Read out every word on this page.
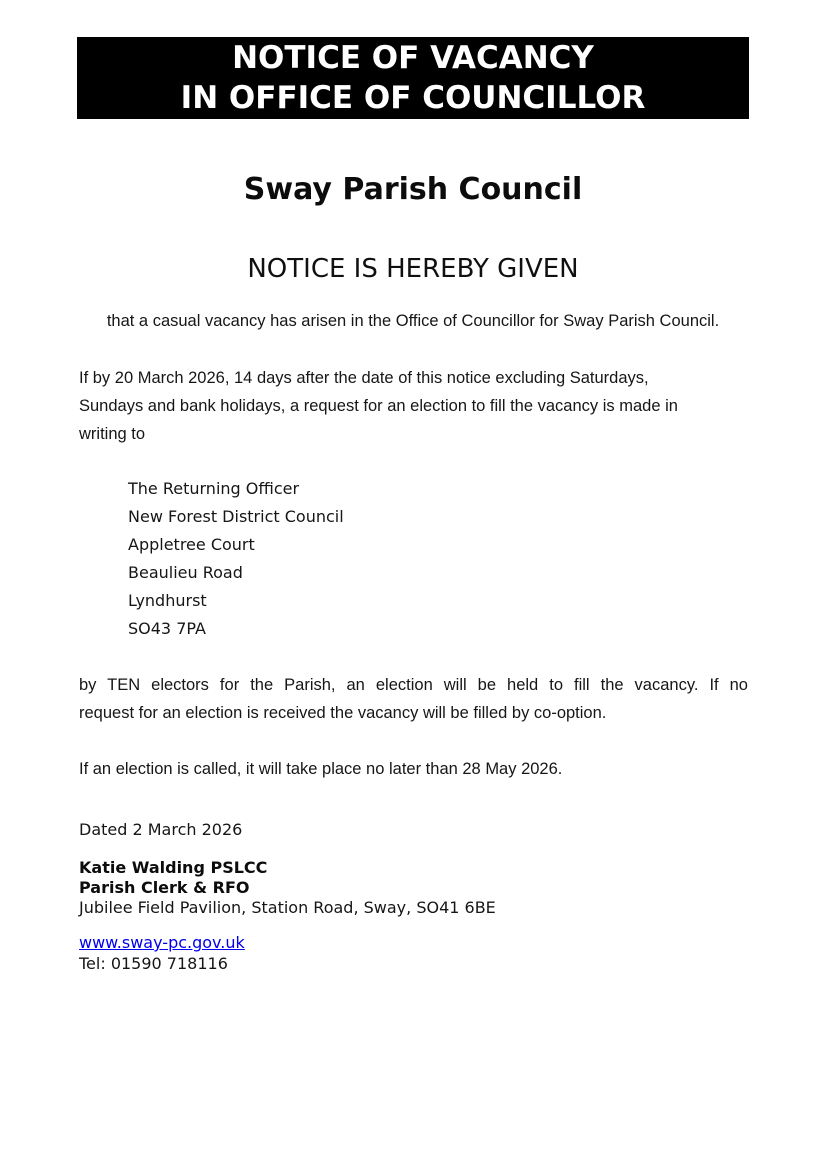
NOTICE OF VACANCY
IN OFFICE OF COUNCILLOR
Sway Parish Council
NOTICE IS HEREBY GIVEN
that a casual vacancy has arisen in the Office of Councillor for Sway Parish Council.
If by 20 March 2026, 14 days after the date of this notice excluding Saturdays,
Sundays and bank holidays, a request for an election to fill the vacancy is made in
writing to
The Returning Officer
New Forest District Council
Appletree Court
Beaulieu Road
Lyndhurst
SO43 7PA
by TEN electors for the Parish, an election will be held to fill the vacancy. If no
request for an election is received the vacancy will be filled by co-option.
If an election is called, it will take place no later than 28 May 2026.
Dated 2 March 2026
Katie Walding PSLCC
Parish Clerk & RFO
Jubilee Field Pavilion, Station Road, Sway, SO41 6BE
www.sway-pc.gov.uk
Tel: 01590 718116
